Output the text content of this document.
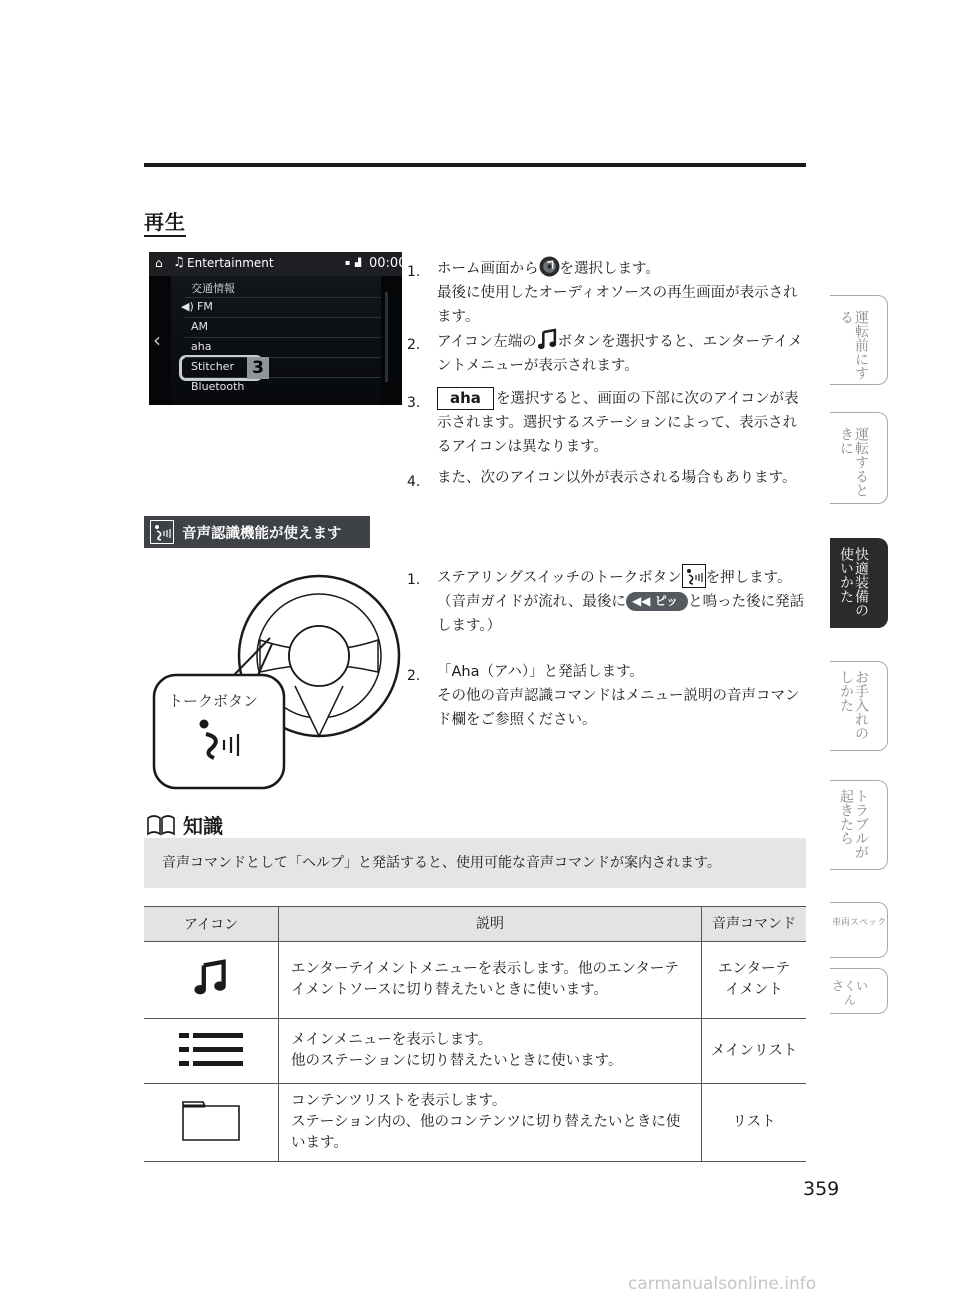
再生
⌂ ♫ Entertainment	▪ ▟ 00:00
‹
交通情報
◀) FM
AM
aha
Stitcher
Bluetooth
3
1. ホーム画面から を選択します。
最後に使用したオーディオソースの再生画面が表示されます。
2. アイコン左端の ボタンを選択すると、エンターテイメントメニューが表示されます。
3.	aha を選択すると、画面の下部に次のアイコンが表示されます。選択するステーションによって、表示されるアイコンは異なります。
4. また、次のアイコン以外が表示される場合もあります。
音声認識機能が使えます
1. ステアリングスイッチのトークボタン を押します。
（音声ガイドが流れ、最後に ◀◀ ピッ と鳴った後に発話します。）
2. 「Aha（アハ）」と発話します。
その他の音声認識コマンドはメニュー説明の音声コマンド欄をご参照ください。
トークボタン
知識
音声コマンドとして「ヘルプ」と発話すると、使用可能な音声コマンドが案内されます。
アイコン	説明	音声コマンド
	エンターテイメントメニューを表示します。他のエンターテイメントソースに切り替えたいときに使います。	エンターテイメント

	メインメニューを表示します。
他のステーションに切り替えたいときに使います。	メインリスト
	コンテンツリストを表示します。
ステーション内の、他のコンテンツに切り替えたいときに使います。	リスト
運転前にする
運転するときに
快適装備の使いかた
お手入れのしかた
トラブルが起きたら
車両スペック
さくいん
359
carmanualsonline.info
